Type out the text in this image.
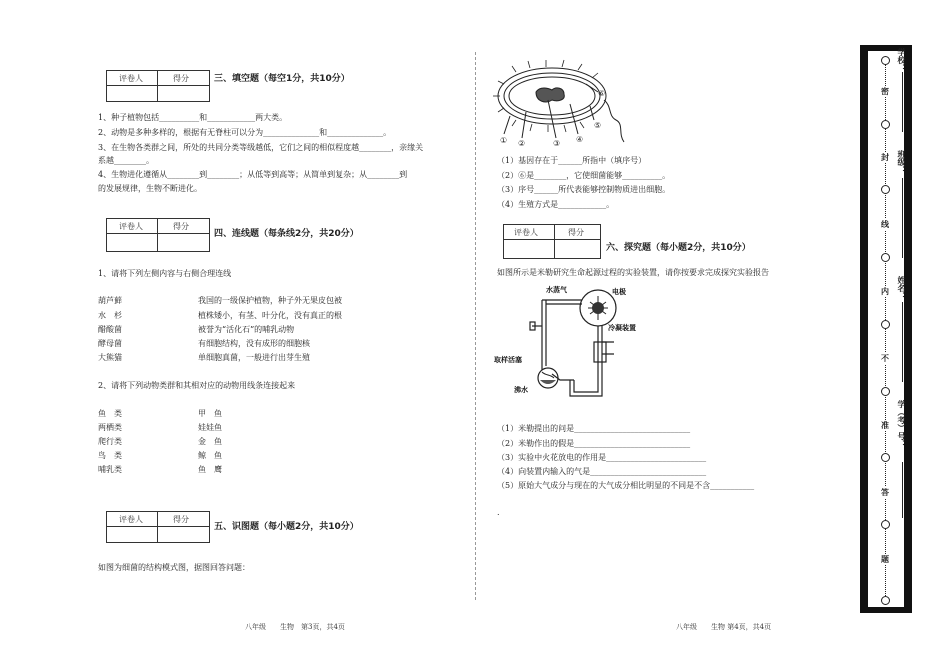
评卷人	得分	三、填空题（每空1分，共10分）
1、种子植物包括__________和____________两大类。
2、动物是多种多样的，根据有无脊柱可以分为______________和______________。
3、在生物各类群之间，所处的共同分类等级越低，它们之间的相似程度越________，亲缘关
系越________。
4、生物进化遵循从________到________；从低等到高等；从简单到复杂；从________到
的发展规律，生物不断进化。
评卷人	得分
四、连线题（每条线2分，共20分）
1、请将下列左侧内容与右侧合理连线
葫芦藓
水　杉
醋酸菌
酵母菌
大熊猫
我国的一级保护植物，种子外无果皮包被
植株矮小，有茎、叶分化，没有真正的根
被誉为“活化石”的哺乳动物
有细胞结构，没有成形的细胞核
单细胞真菌，一般进行出芽生殖
2、请将下列动物类群和其相对应的动物用线条连接起来
鱼　类
两栖类
爬行类
鸟　类
哺乳类
甲　鱼
娃娃鱼
金　鱼
鲸　鱼
鱼　鹰
评卷人	得分
五、识图题（每小题2分，共10分）
如图为细菌的结构模式图，据图回答问题：
八年级　　生物　第3页，共4页
① ②	③ ④
⑤
⑥
（1）基因存在于______所指中（填序号）
（2）⑥是________，它使细菌能够__________。
（3）序号______所代表能够控制物质进出细胞。
（4）生殖方式是____________。
评卷人	得分
六、探究题（每小题2分，共10分）
如图所示是米勒研究生命起源过程的实验装置，请你按要求完成探究实验报告
水蒸气	电极
冷凝装置
取样活塞
沸水
（1）米勒提出的问是_____________________________
（2）米勒作出的假是_____________________________
（3）实验中火花放电的作用是_________________________
（4）向装置内输入的气是_____________________________
（5）原始大气成分与现在的大气成分相比明显的不同是不含___________
.
八年级　　生物 第4页，共4页
密
封
线
内
不
准
答
题
学校：
班级：
姓名：
学（考）号：
